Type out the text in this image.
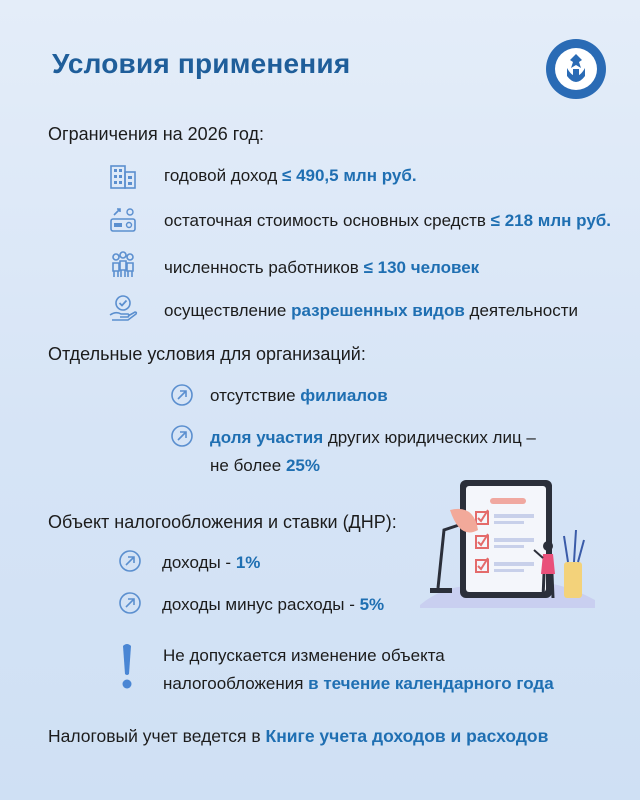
Условия применения
Ограничения на 2026 год:
годовой доход ≤ 490,5 млн руб.
остаточная стоимость основных средств ≤ 218 млн руб.
численность работников ≤ 130 человек
осуществление разрешенных видов деятельности
Отдельные условия для организаций:
отсутствие филиалов
доля участия других юридических лиц –
не более 25%
Объект налогообложения и ставки (ДНР):
доходы - 1%
доходы минус расходы - 5%
Не допускается изменение объекта
налогообложения в течение календарного года
Налоговый учет ведется в Книге учета доходов и расходов
